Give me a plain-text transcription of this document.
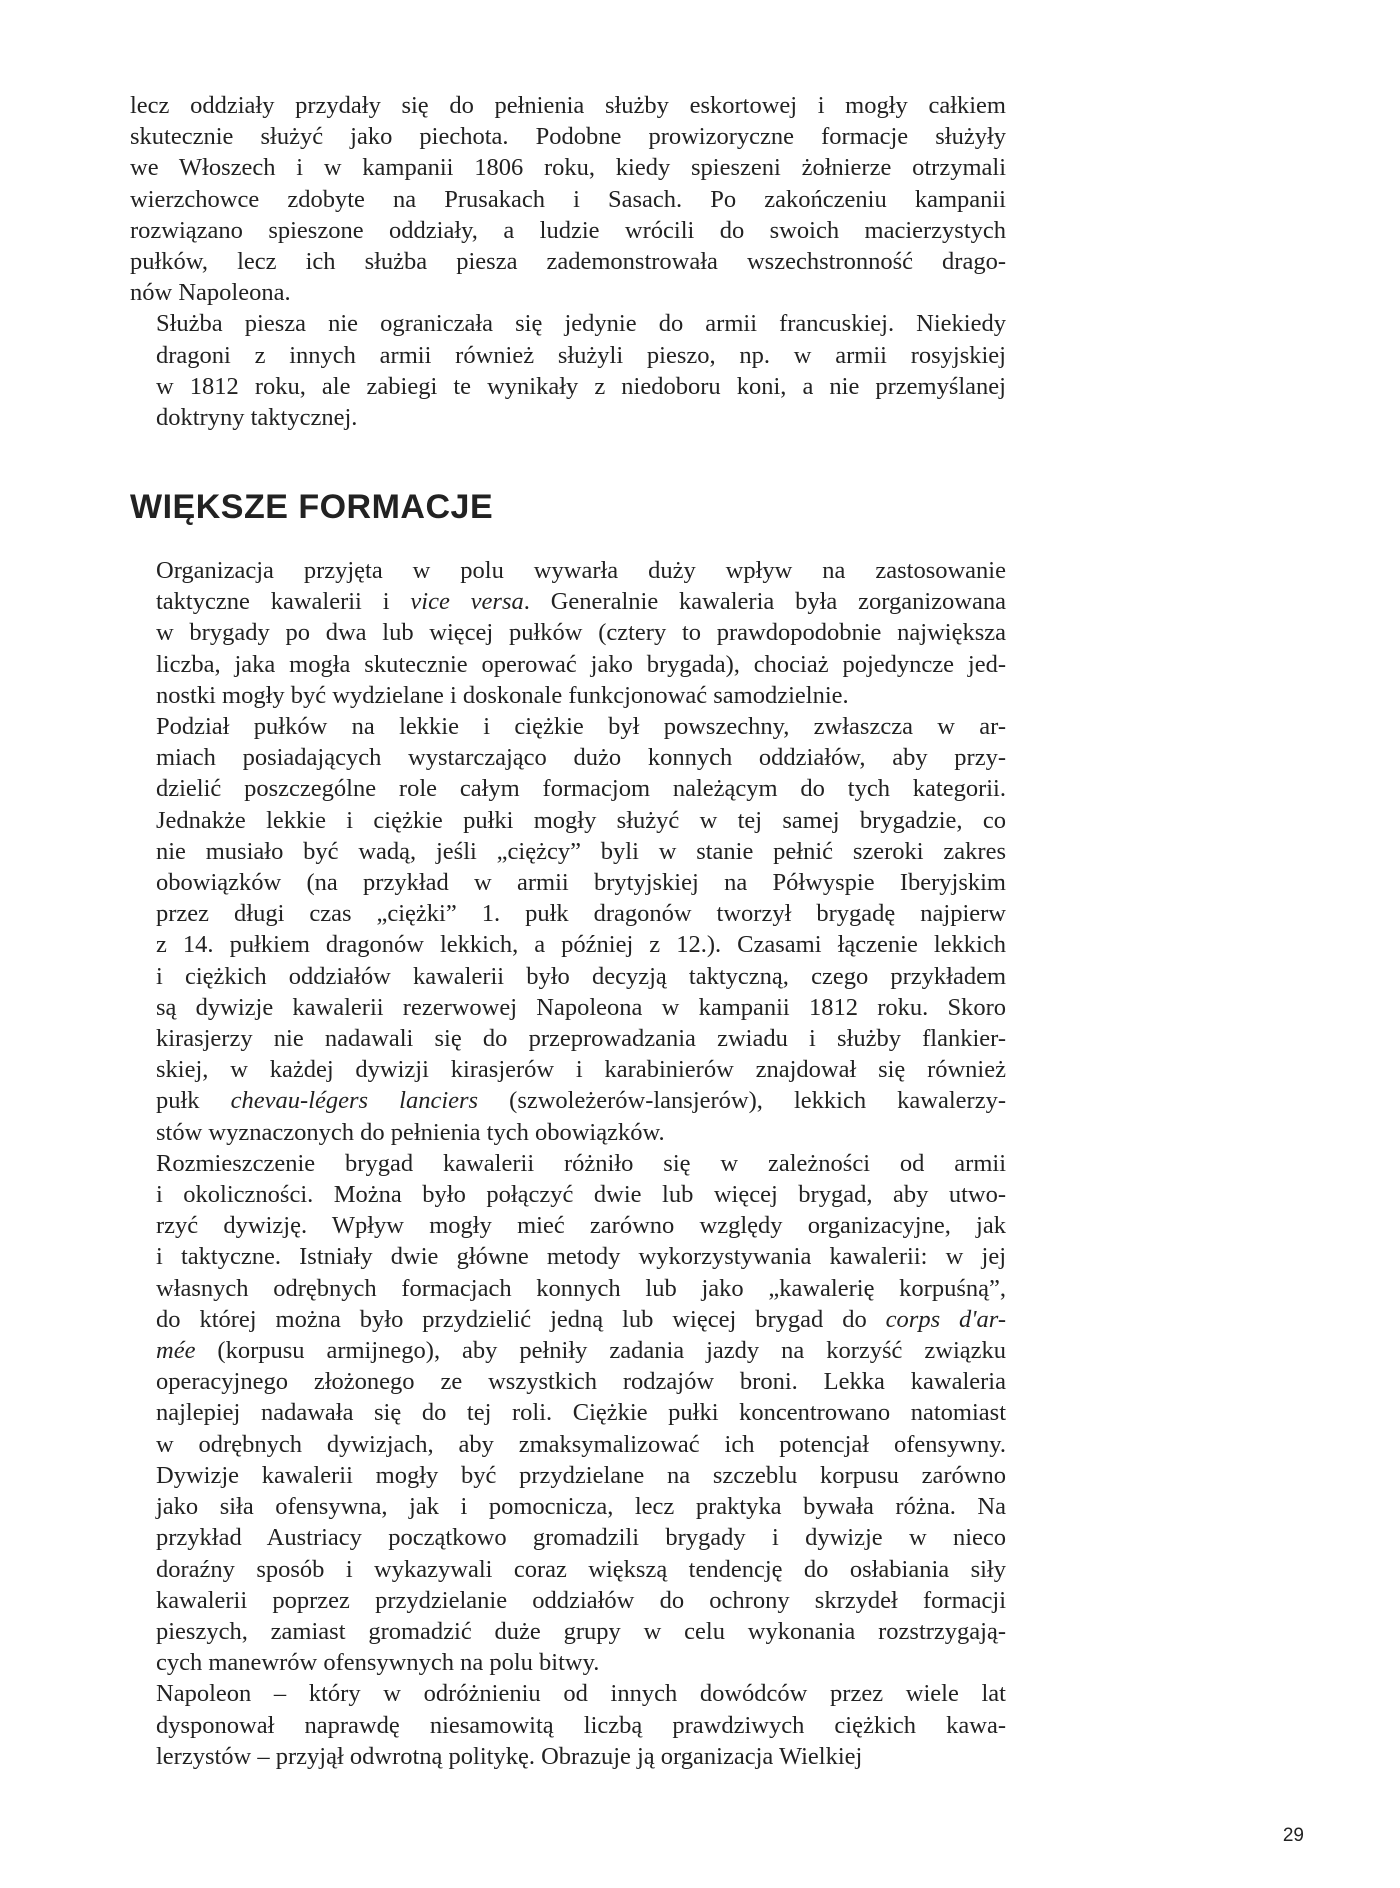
lecz oddziały przydały się do pełnienia służby eskortowej i mogły całkiem
skutecznie służyć jako piechota. Podobne prowizoryczne formacje służyły
we Włoszech i w kampanii 1806 roku, kiedy spieszeni żołnierze otrzymali
wierzchowce zdobyte na Prusakach i Sasach. Po zakończeniu kampanii
rozwiązano spieszone oddziały, a ludzie wrócili do swoich macierzystych
pułków, lecz ich służba piesza zademonstrowała wszechstronność drago-
nów Napoleona.
Służba piesza nie ograniczała się jedynie do armii francuskiej. Niekiedy
dragoni z innych armii również służyli pieszo, np. w armii rosyjskiej
w 1812 roku, ale zabiegi te wynikały z niedoboru koni, a nie przemyślanej
doktryny taktycznej.
WIĘKSZE FORMACJE
Organizacja przyjęta w polu wywarła duży wpływ na zastosowanie
taktyczne kawalerii i vice versa. Generalnie kawaleria była zorganizowana
w brygady po dwa lub więcej pułków (cztery to prawdopodobnie największa
liczba, jaka mogła skutecznie operować jako brygada), chociaż pojedyncze jed-
nostki mogły być wydzielane i doskonale funkcjonować samodzielnie.
Podział pułków na lekkie i ciężkie był powszechny, zwłaszcza w ar-
miach posiadających wystarczająco dużo konnych oddziałów, aby przy-
dzielić poszczególne role całym formacjom należącym do tych kategorii.
Jednakże lekkie i ciężkie pułki mogły służyć w tej samej brygadzie, co
nie musiało być wadą, jeśli „ciężcy” byli w stanie pełnić szeroki zakres
obowiązków (na przykład w armii brytyjskiej na Półwyspie Iberyjskim
przez długi czas „ciężki” 1. pułk dragonów tworzył brygadę najpierw
z 14. pułkiem dragonów lekkich, a później z 12.). Czasami łączenie lekkich
i ciężkich oddziałów kawalerii było decyzją taktyczną, czego przykładem
są dywizje kawalerii rezerwowej Napoleona w kampanii 1812 roku. Skoro
kirasjerzy nie nadawali się do przeprowadzania zwiadu i służby flankier-
skiej, w każdej dywizji kirasjerów i karabinierów znajdował się również
pułk chevau-légers lanciers (szwoleżerów-lansjerów), lekkich kawalerzy-
stów wyznaczonych do pełnienia tych obowiązków.
Rozmieszczenie brygad kawalerii różniło się w zależności od armii
i okoliczności. Można było połączyć dwie lub więcej brygad, aby utwo-
rzyć dywizję. Wpływ mogły mieć zarówno względy organizacyjne, jak
i taktyczne. Istniały dwie główne metody wykorzystywania kawalerii: w jej
własnych odrębnych formacjach konnych lub jako „kawalerię korpuśną”,
do której można było przydzielić jedną lub więcej brygad do corps d'ar-
mée (korpusu armijnego), aby pełniły zadania jazdy na korzyść związku
operacyjnego złożonego ze wszystkich rodzajów broni. Lekka kawaleria
najlepiej nadawała się do tej roli. Ciężkie pułki koncentrowano natomiast
w odrębnych dywizjach, aby zmaksymalizować ich potencjał ofensywny.
Dywizje kawalerii mogły być przydzielane na szczeblu korpusu zarówno
jako siła ofensywna, jak i pomocnicza, lecz praktyka bywała różna. Na
przykład Austriacy początkowo gromadzili brygady i dywizje w nieco
doraźny sposób i wykazywali coraz większą tendencję do osłabiania siły
kawalerii poprzez przydzielanie oddziałów do ochrony skrzydeł formacji
pieszych, zamiast gromadzić duże grupy w celu wykonania rozstrzygają-
cych manewrów ofensywnych na polu bitwy.
Napoleon – który w odróżnieniu od innych dowódców przez wiele lat
dysponował naprawdę niesamowitą liczbą prawdziwych ciężkich kawa-
lerzystów – przyjął odwrotną politykę. Obrazuje ją organizacja Wielkiej
29
